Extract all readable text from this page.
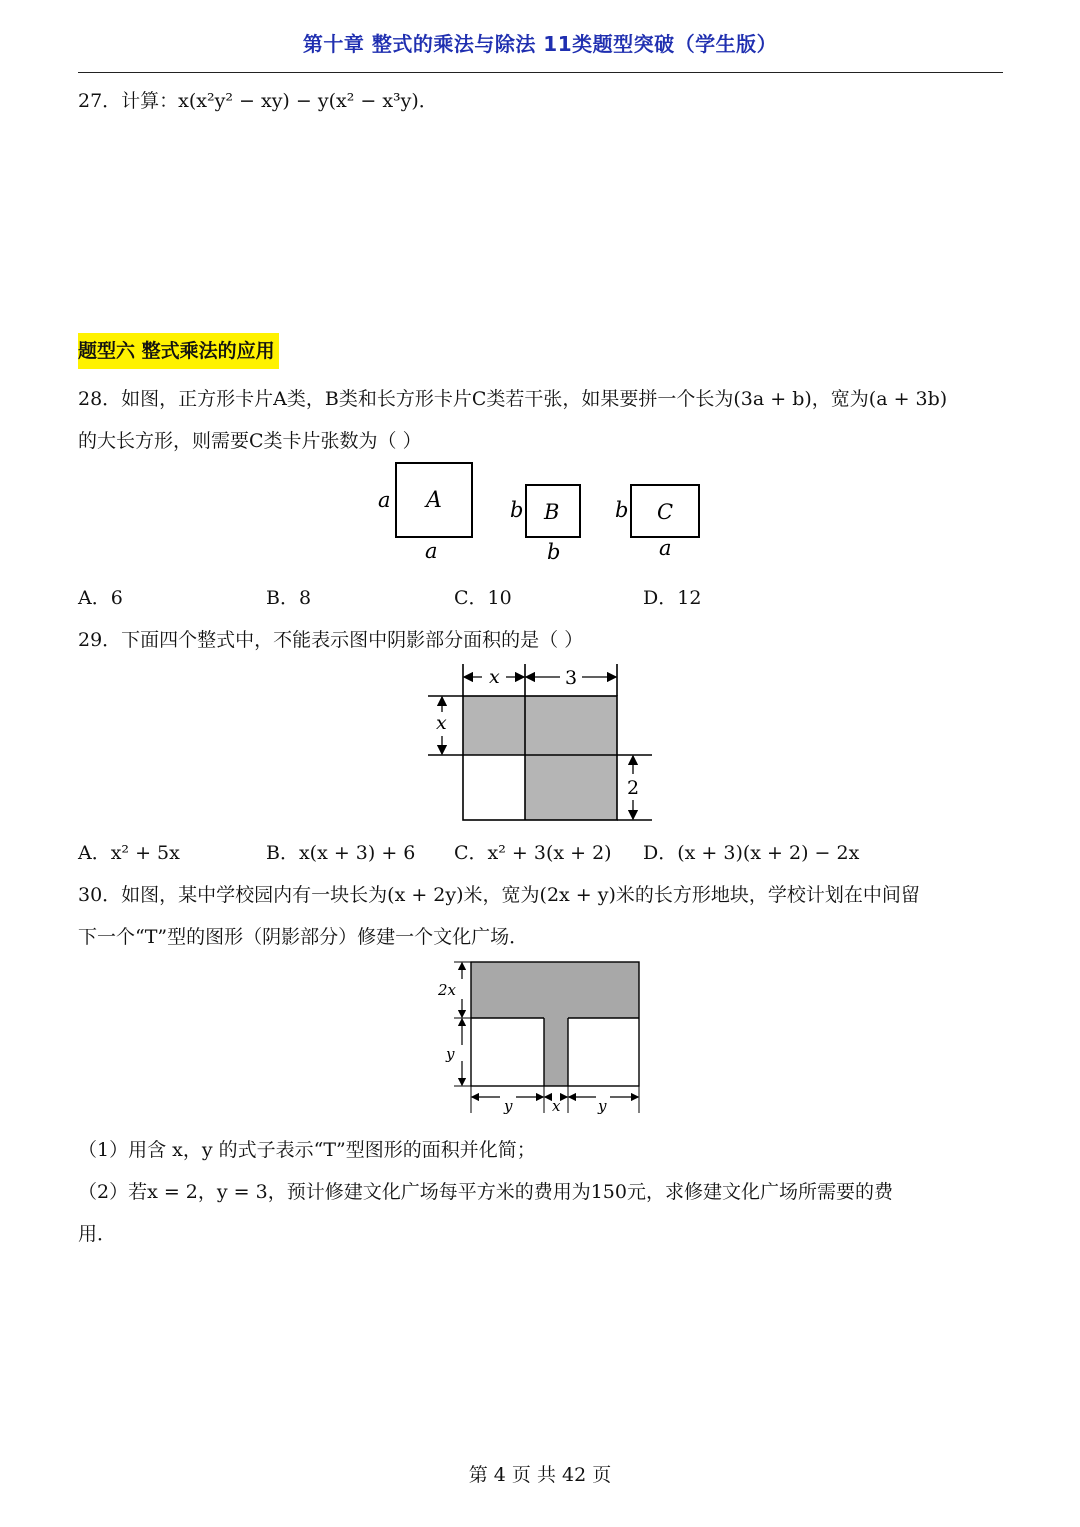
第十章 整式的乘法与除法 11类题型突破（学生版）
27．计算：x(x²y² − xy) − y(x² − x³y)．
题型六 整式乘法的应用
28．如图，正方形卡片A类，B类和长方形卡片C类若干张，如果要拼一个长为(3a + b)，宽为(a + 3b)
的大长方形，则需要C类卡片张数为（ ）
A
a
a
B
b
b
C
b
a
A．6	B．8	C．10	D．12
29．下面四个整式中，不能表示图中阴影部分面积的是（ ）
x	3
x
2
A．x² + 5x	B．x(x + 3) + 6 C．x² + 3(x + 2) D．(x + 3)(x + 2) − 2x
30．如图，某中学校园内有一块长为(x + 2y)米，宽为(2x + y)米的长方形地块，学校计划在中间留
下一个“T”型的图形（阴影部分）修建一个文化广场．
2x
y
y	x	y
（1）用含 x，y 的式子表示“T”型图形的面积并化简；
（2）若x = 2，y = 3，预计修建文化广场每平方米的费用为150元，求修建文化广场所需要的费
用．
第 4 页 共 42 页
